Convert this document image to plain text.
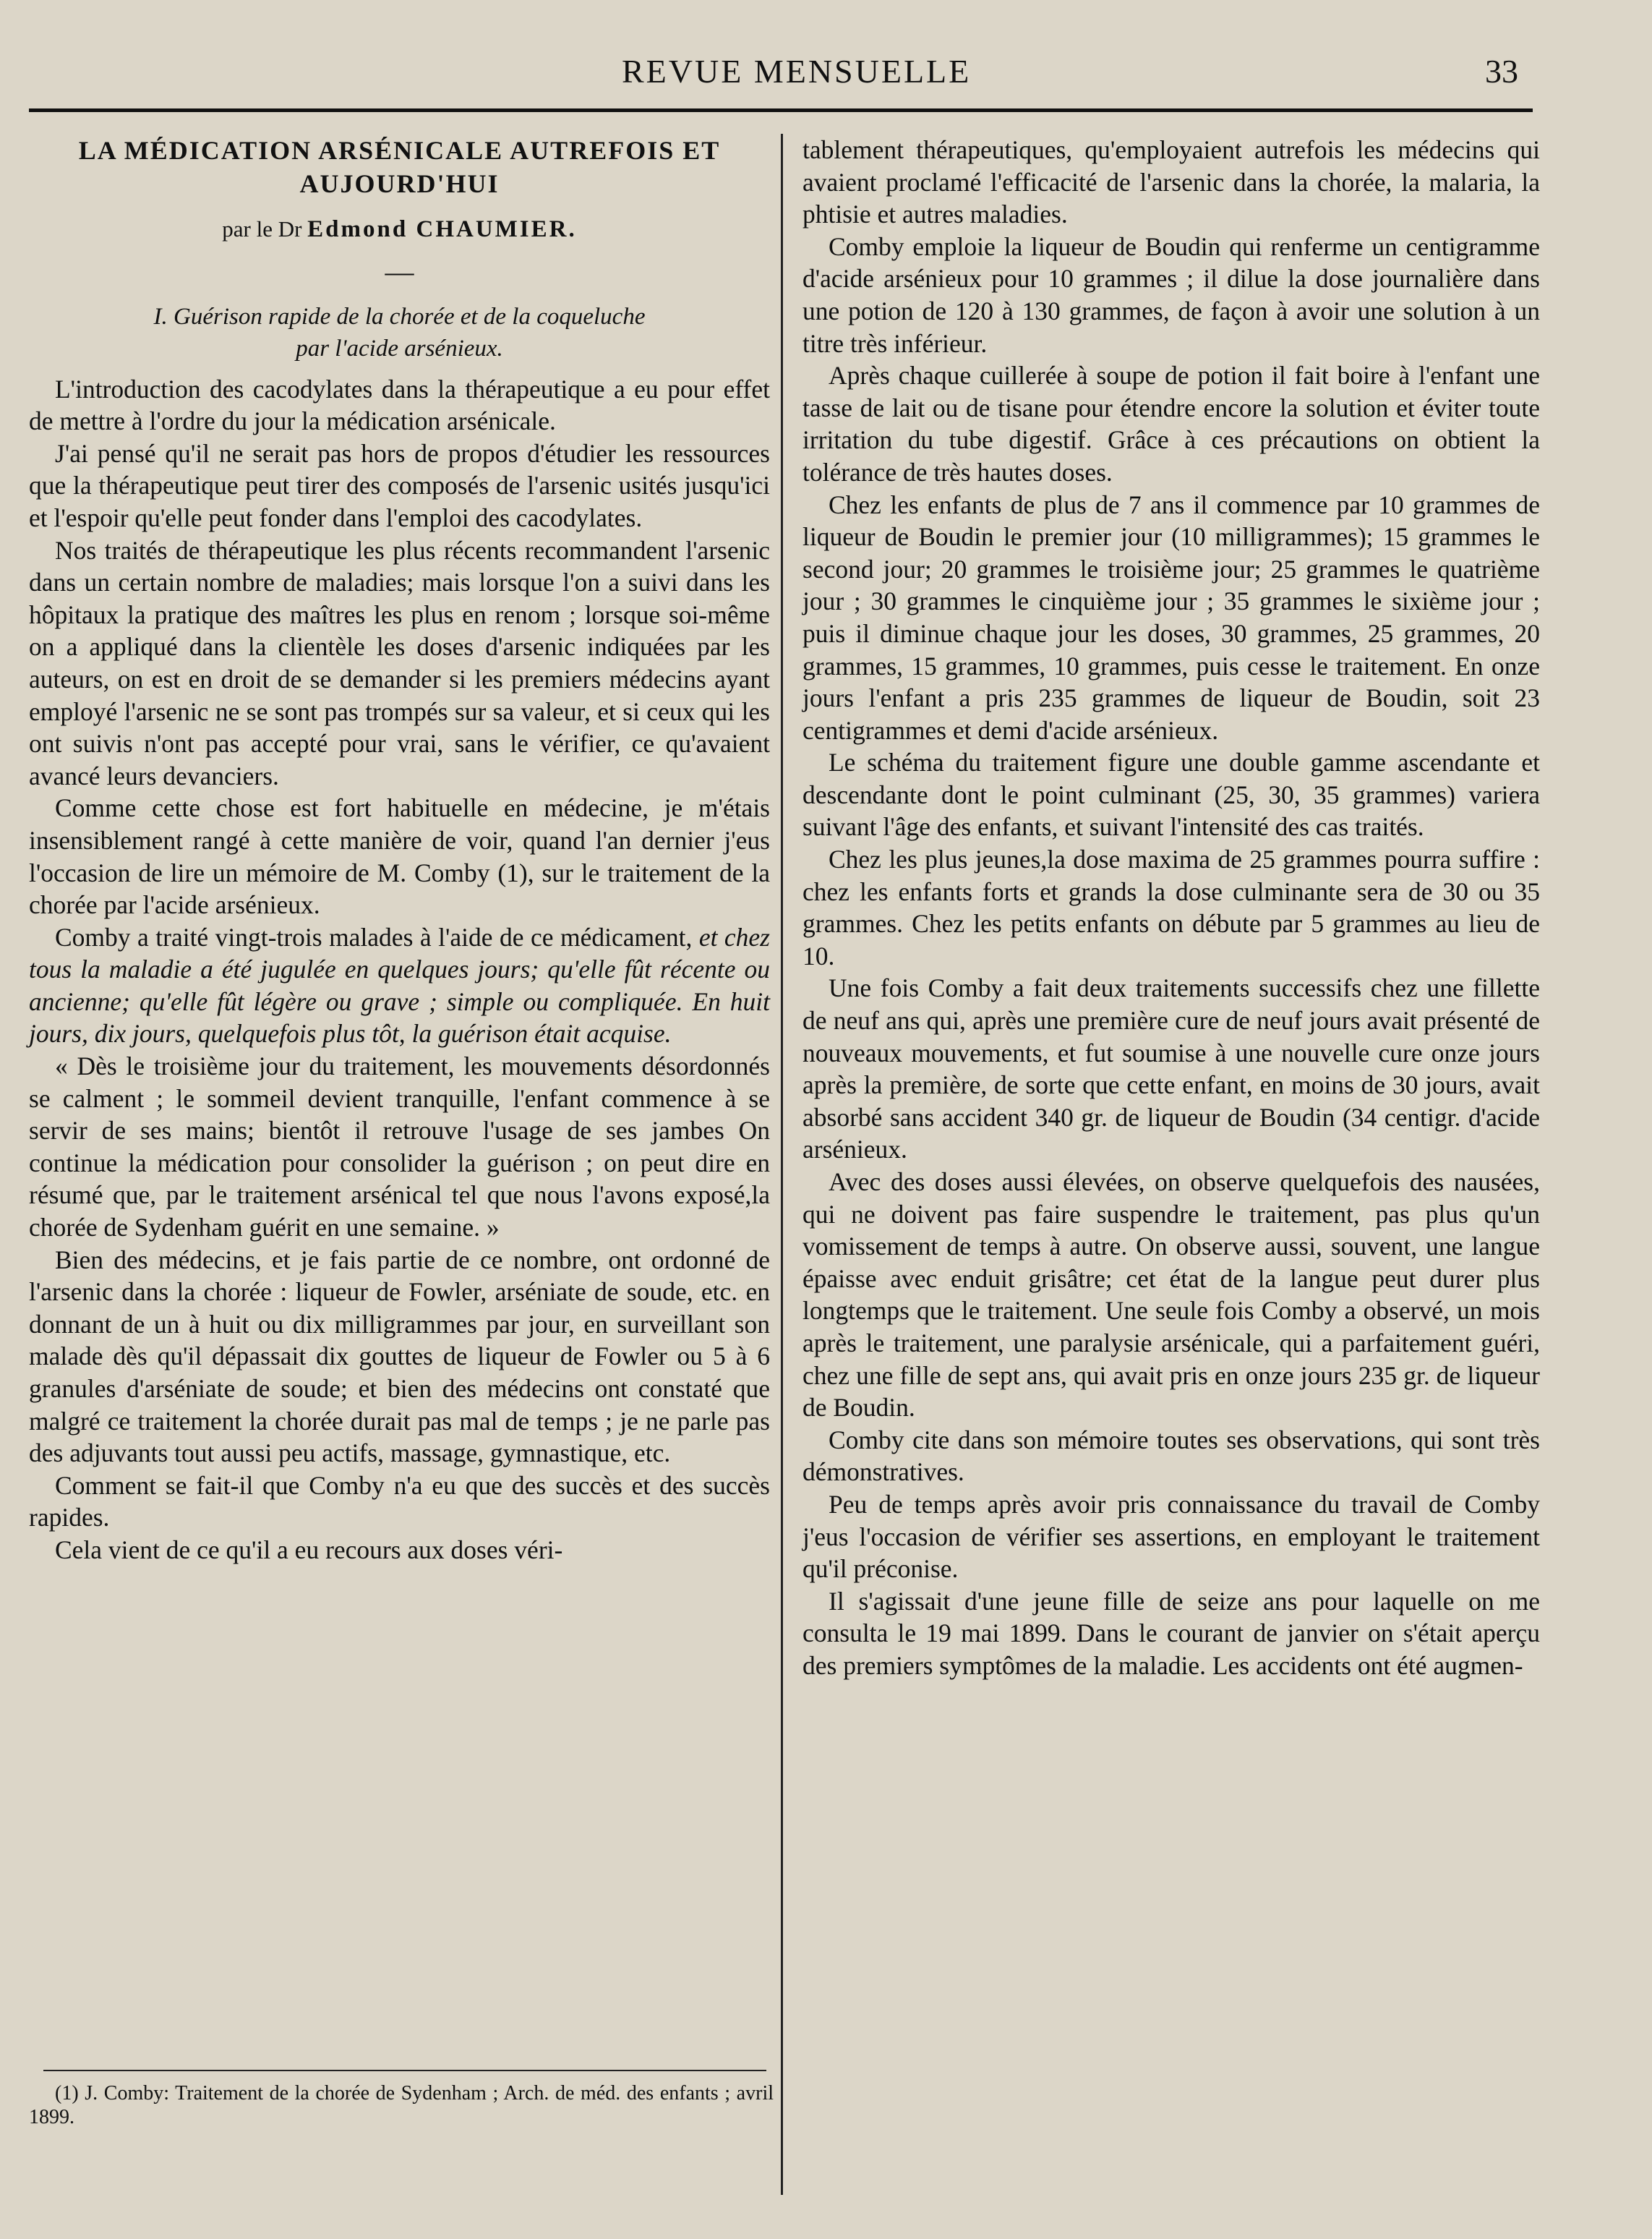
REVUE MENSUELLE	33
LA MÉDICATION ARSÉNICALE AUTREFOIS ET
AUJOURD'HUI
par le Dr Edmond CHAUMIER.
—
I. Guérison rapide de la chorée et de la coqueluche
par l'acide arsénieux.

L'introduction des cacodylates dans la thérapeutique a eu pour effet de mettre à l'ordre du jour la médication arsénicale.

J'ai pensé qu'il ne serait pas hors de propos d'étudier les ressources que la thérapeutique peut tirer des composés de l'arsenic usités jusqu'ici et l'espoir qu'elle peut fonder dans l'emploi des cacodylates.

Nos traités de thérapeutique les plus récents recommandent l'arsenic dans un certain nombre de maladies; mais lorsque l'on a suivi dans les hôpitaux la pratique des maîtres les plus en renom ; lorsque soi-même on a appliqué dans la clientèle les doses d'arsenic indiquées par les auteurs, on est en droit de se demander si les premiers médecins ayant employé l'arsenic ne se sont pas trompés sur sa valeur, et si ceux qui les ont suivis n'ont pas accepté pour vrai, sans le vérifier, ce qu'avaient avancé leurs devanciers.

Comme cette chose est fort habituelle en médecine, je m'étais insensiblement rangé à cette manière de voir, quand l'an dernier j'eus l'occasion de lire un mémoire de M. Comby (1), sur le traitement de la chorée par l'acide arsénieux.

Comby a traité vingt-trois malades à l'aide de ce médicament, et chez tous la maladie a été jugulée en quelques jours; qu'elle fût récente ou ancienne; qu'elle fût légère ou grave ; simple ou compliquée. En huit jours, dix jours, quelquefois plus tôt, la guérison était acquise.

« Dès le troisième jour du traitement, les mouvements désordonnés se calment ; le sommeil devient tranquille, l'enfant commence à se servir de ses mains; bientôt il retrouve l'usage de ses jambes On continue la médication pour consolider la guérison ; on peut dire en résumé que, par le traitement arsénical tel que nous l'avons exposé,la chorée de Sydenham guérit en une semaine. »

Bien des médecins, et je fais partie de ce nombre, ont ordonné de l'arsenic dans la chorée : liqueur de Fowler, arséniate de soude, etc. en donnant de un à huit ou dix milligrammes par jour, en surveillant son malade dès qu'il dépassait dix gouttes de liqueur de Fowler ou 5 à 6 granules d'arséniate de soude; et bien des médecins ont constaté que malgré ce traitement la chorée durait pas mal de temps ; je ne parle pas des adjuvants tout aussi peu actifs, massage, gymnastique, etc.

Comment se fait-il que Comby n'a eu que des succès et des succès rapides.

Cela vient de ce qu'il a eu recours aux doses véri-

(1) J. Comby: Traitement de la chorée de Sydenham ; Arch. de méd. des enfants ; avril 1899.

tablement thérapeutiques, qu'employaient autrefois les médecins qui avaient proclamé l'efficacité de l'arsenic dans la chorée, la malaria, la phtisie et autres maladies.

Comby emploie la liqueur de Boudin qui renferme un centigramme d'acide arsénieux pour 10 grammes ; il dilue la dose journalière dans une potion de 120 à 130 grammes, de façon à avoir une solution à un titre très inférieur.

Après chaque cuillerée à soupe de potion il fait boire à l'enfant une tasse de lait ou de tisane pour étendre encore la solution et éviter toute irritation du tube digestif. Grâce à ces précautions on obtient la tolérance de très hautes doses.

Chez les enfants de plus de 7 ans il commence par 10 grammes de liqueur de Boudin le premier jour (10 milligrammes); 15 grammes le second jour; 20 grammes le troisième jour; 25 grammes le quatrième jour ; 30 grammes le cinquième jour ; 35 grammes le sixième jour ; puis il diminue chaque jour les doses, 30 grammes, 25 grammes, 20 grammes, 15 grammes, 10 grammes, puis cesse le traitement. En onze jours l'enfant a pris 235 grammes de liqueur de Boudin, soit 23 centigrammes et demi d'acide arsénieux.

Le schéma du traitement figure une double gamme ascendante et descendante dont le point culminant (25, 30, 35 grammes) variera suivant l'âge des enfants, et suivant l'intensité des cas traités.

Chez les plus jeunes,la dose maxima de 25 grammes pourra suffire : chez les enfants forts et grands la dose culminante sera de 30 ou 35 grammes. Chez les petits enfants on débute par 5 grammes au lieu de 10.

Une fois Comby a fait deux traitements successifs chez une fillette de neuf ans qui, après une première cure de neuf jours avait présenté de nouveaux mouvements, et fut soumise à une nouvelle cure onze jours après la première, de sorte que cette enfant, en moins de 30 jours, avait absorbé sans accident 340 gr. de liqueur de Boudin (34 centigr. d'acide arsénieux.

Avec des doses aussi élevées, on observe quelquefois des nausées, qui ne doivent pas faire suspendre le traitement, pas plus qu'un vomissement de temps à autre. On observe aussi, souvent, une langue épaisse avec enduit grisâtre; cet état de la langue peut durer plus longtemps que le traitement. Une seule fois Comby a observé, un mois après le traitement, une paralysie arsénicale, qui a parfaitement guéri, chez une fille de sept ans, qui avait pris en onze jours 235 gr. de liqueur de Boudin.

Comby cite dans son mémoire toutes ses observations, qui sont très démonstratives.

Peu de temps après avoir pris connaissance du travail de Comby j'eus l'occasion de vérifier ses assertions, en employant le traitement qu'il préconise.

Il s'agissait d'une jeune fille de seize ans pour laquelle on me consulta le 19 mai 1899. Dans le courant de janvier on s'était aperçu des premiers symptômes de la maladie. Les accidents ont été augmen-
